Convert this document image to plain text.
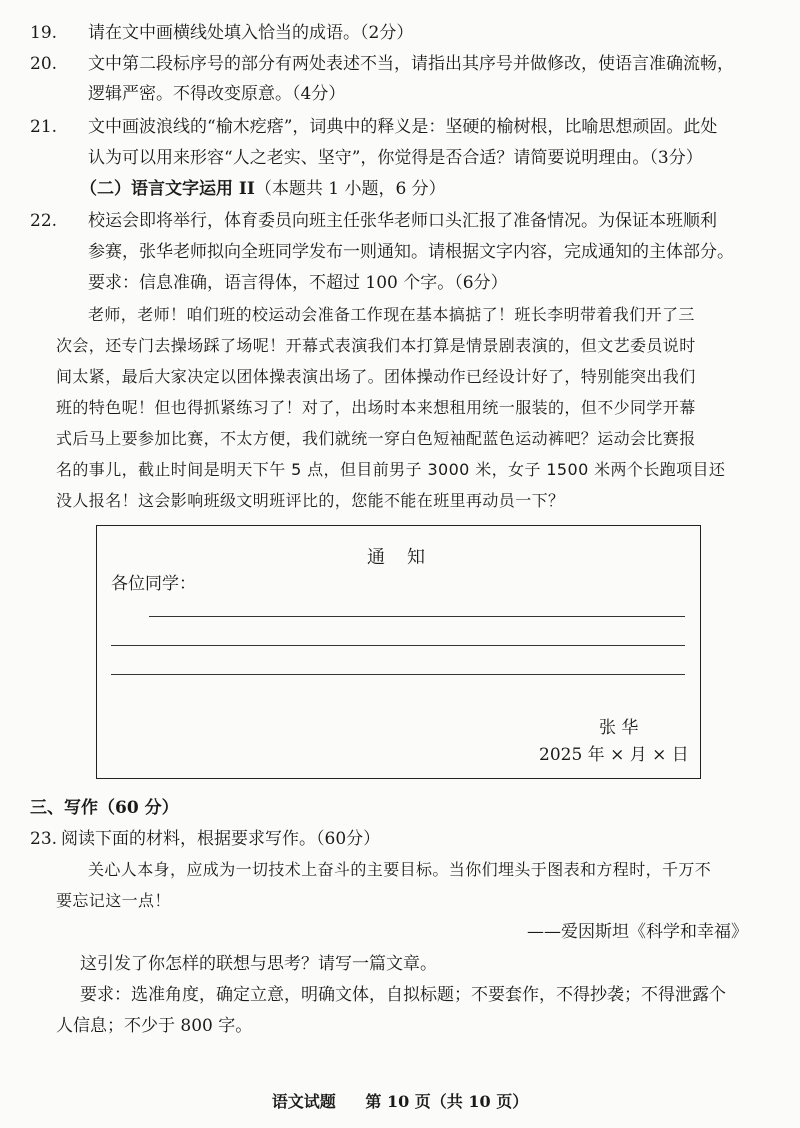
19. 请在文中画横线处填入恰当的成语。（2分）
20. 文中第二段标序号的部分有两处表述不当，请指出其序号并做修改，使语言准确流畅，
逻辑严密。不得改变原意。（4分）
21. 文中画波浪线的“榆木疙瘩”，词典中的释义是：坚硬的榆树根，比喻思想顽固。此处
认为可以用来形容“人之老实、坚守”，你觉得是否合适？请简要说明理由。（3分）
（二）语言文字运用 II（本题共 1 小题，6 分）
22. 校运会即将举行，体育委员向班主任张华老师口头汇报了准备情况。为保证本班顺利
参赛，张华老师拟向全班同学发布一则通知。请根据文字内容，完成通知的主体部分。
要求：信息准确，语言得体，不超过 100 个字。（6分）
老师，老师！咱们班的校运动会准备工作现在基本搞掂了！班长李明带着我们开了三
次会，还专门去操场踩了场呢！开幕式表演我们本打算是情景剧表演的，但文艺委员说时
间太紧，最后大家决定以团体操表演出场了。团体操动作已经设计好了，特别能突出我们
班的特色呢！但也得抓紧练习了！对了，出场时本来想租用统一服装的，但不少同学开幕
式后马上要参加比赛，不太方便，我们就统一穿白色短袖配蓝色运动裤吧？运动会比赛报
名的事儿，截止时间是明天下午 5 点，但目前男子 3000 米，女子 1500 米两个长跑项目还
没人报名！这会影响班级文明班评比的，您能不能在班里再动员一下？
通　知
各位同学：
张 华
2025 年 × 月 × 日
三、写作（60 分）
23. 阅读下面的材料，根据要求写作。（60分）
关心人本身，应成为一切技术上奋斗的主要目标。当你们埋头于图表和方程时，千万不
要忘记这一点！
——爱因斯坦《科学和幸福》
这引发了你怎样的联想与思考？请写一篇文章。
要求：选准角度，确定立意，明确文体，自拟标题；不要套作，不得抄袭；不得泄露个
人信息；不少于 800 字。
语文试题 第 10 页（共 10 页）
